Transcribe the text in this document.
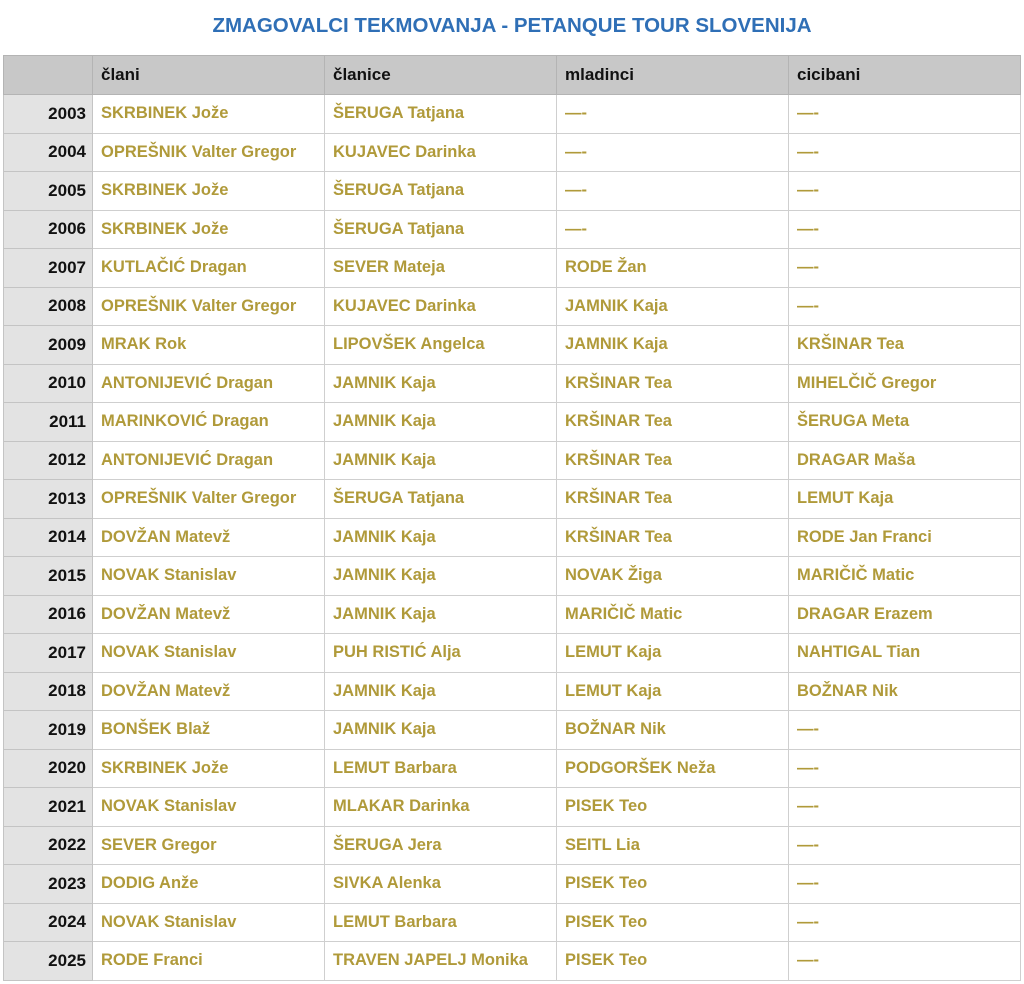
ZMAGOVALCI TEKMOVANJA - PETANQUE TOUR SLOVENIJA
	člani	članice	mladinci	cicibani
2003	SKRBINEK Jože	ŠERUGA Tatjana	—-	—-
2004	OPREŠNIK Valter Gregor	KUJAVEC Darinka	—-	—-
2005	SKRBINEK Jože	ŠERUGA Tatjana	—-	—-
2006	SKRBINEK Jože	ŠERUGA Tatjana	—-	—-
2007	KUTLAČIĆ Dragan	SEVER Mateja	RODE Žan	—-
2008	OPREŠNIK Valter Gregor	KUJAVEC Darinka	JAMNIK Kaja	—-
2009	MRAK Rok	LIPOVŠEK Angelca	JAMNIK Kaja	KRŠINAR Tea
2010	ANTONIJEVIĆ Dragan	JAMNIK Kaja	KRŠINAR Tea	MIHELČIČ Gregor
2011	MARINKOVIĆ Dragan	JAMNIK Kaja	KRŠINAR Tea	ŠERUGA Meta
2012	ANTONIJEVIĆ Dragan	JAMNIK Kaja	KRŠINAR Tea	DRAGAR Maša
2013	OPREŠNIK Valter Gregor	ŠERUGA Tatjana	KRŠINAR Tea	LEMUT Kaja
2014	DOVŽAN Matevž	JAMNIK Kaja	KRŠINAR Tea	RODE Jan Franci
2015	NOVAK Stanislav	JAMNIK Kaja	NOVAK Žiga	MARIČIČ Matic
2016	DOVŽAN Matevž	JAMNIK Kaja	MARIČIČ Matic	DRAGAR Erazem
2017	NOVAK Stanislav	PUH RISTIĆ Alja	LEMUT Kaja	NAHTIGAL Tian
2018	DOVŽAN Matevž	JAMNIK Kaja	LEMUT Kaja	BOŽNAR Nik
2019	BONŠEK Blaž	JAMNIK Kaja	BOŽNAR Nik	—-
2020	SKRBINEK Jože	LEMUT Barbara	PODGORŠEK Neža	—-
2021	NOVAK Stanislav	MLAKAR Darinka	PISEK Teo	—-
2022	SEVER Gregor	ŠERUGA Jera	SEITL Lia	—-
2023	DODIG Anže	SIVKA Alenka	PISEK Teo	—-
2024	NOVAK Stanislav	LEMUT Barbara	PISEK Teo	—-
2025	RODE Franci	TRAVEN JAPELJ Monika	PISEK Teo	—-
